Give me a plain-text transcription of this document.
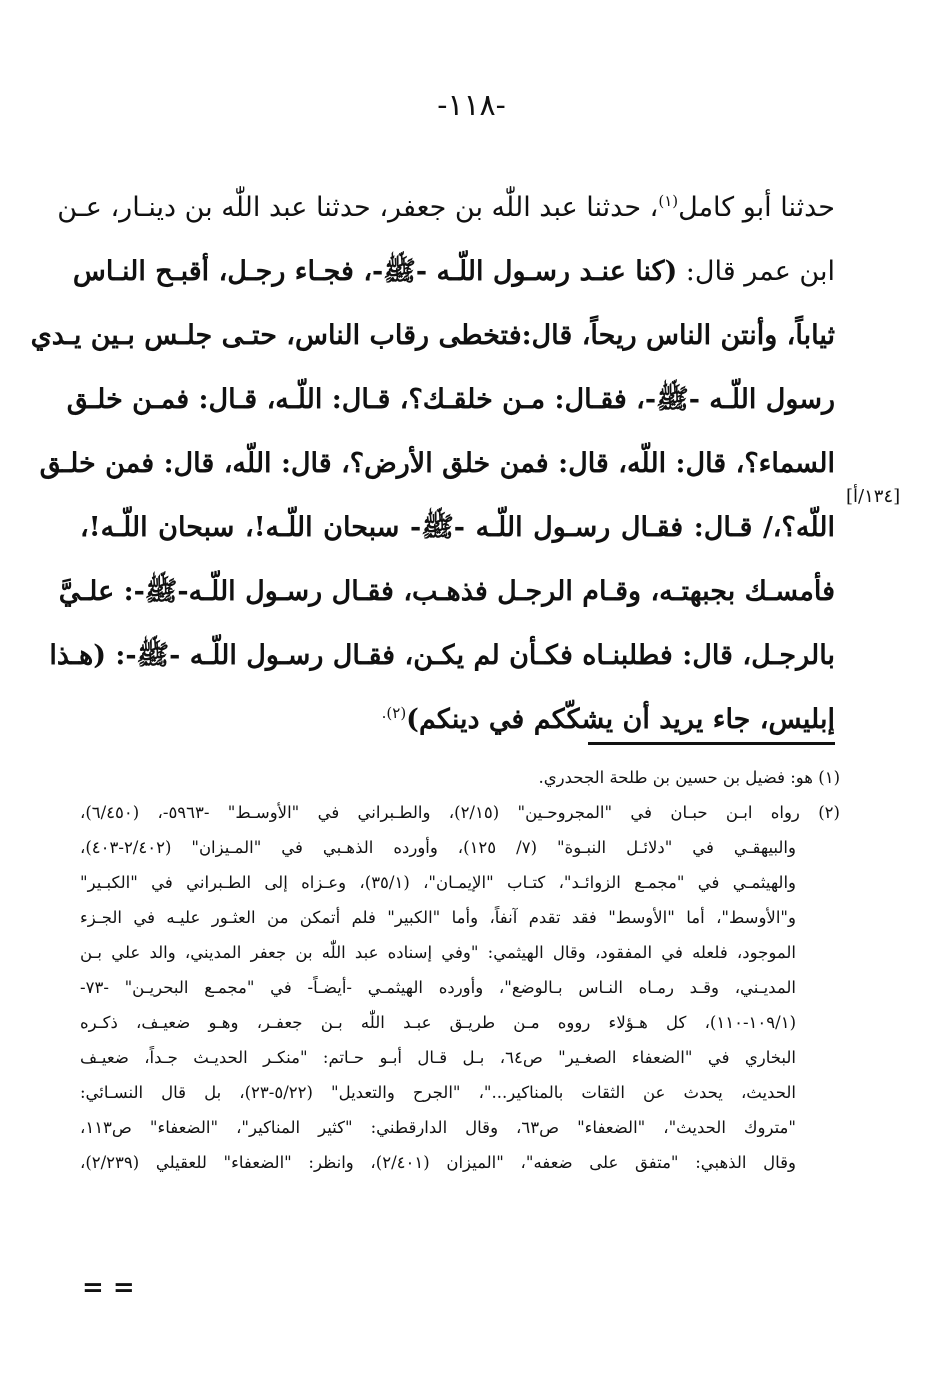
-١١٨-
[١٣٤/أ]
حدثنا أبو كامل$^{(١)}$، حدثنا عبد اللّٰه بن جعفر، حدثنا عبد اللّٰه بن دينـار، عـن
ابن عمر قال: (كنا عنـد رسـول اللّـه -ﷺ-، فجـاء رجـل، أقبـح النـاس
ثياباً، وأنتن الناس ريحاً، قال:فتخطى رقاب الناس، حتـى جلـس بـين يـدي
رسول اللّـه -ﷺ-، فقـال: مـن خلقـك؟، قـال: اللّـه، قـال: فمـن خلـق
السماء؟، قال: اللّه، قال: فمن خلق الأرض؟، قال: اللّه، قال: فمن خلـق
اللّه؟،/ قـال: فقـال رسـول اللّـه -ﷺ- سبحان اللّـه!، سبحان اللّـه!،
فأمسـك بجبهتـه، وقـام الرجـل فذهـب، فقـال رسـول اللّـه-ﷺ-: علـيَّ
بالرجـل، قال: فطلبنـاه فكـأن لم يكـن، فقـال رسـول اللّـه -ﷺ-: (هـذا
إبليس، جاء يريد أن يشكّكم في دينكم)$^{(٢).}$
(١) هو: فضيل بن حسين بن طلحة الجحدري.
(٢) رواه ابـن حبـان في "المجروحـين" (٢/١٥)، والطـبراني في "الأوسـط" -٥٩٦٣-، (٦/٤٥٠)،
والبيهقـي في "دلائـل النبـوة" (٧/ ١٢٥)، وأورده الذهـبي في "المـيزان" (٢/٤٠٢-٤٠٣)،
والهيثمـي في "مجمـع الزوائـد"، كتـاب "الإيمـان"، (٣٥/١)، وعـزاه إلى الطـبراني في "الكبـير"
و"الأوسط"، أما "الأوسط" فقد تقدم آنفاً، وأما "الكبير" فلم أتمكن من العثـور عليـه في الجـزء
الموجود، فلعله في المفقود، وقال الهيثمي: "وفي إسناده عبد اللّٰه بن جعفر المديني، والد علي بـن
المديـني، وقـد رمـاه النـاس بـالوضع"، وأورده الهيثمـي -أيضـاً- في "مجمـع البحريـن" -٧٣-
(١٠٩/١-١١٠)، كل هـؤلاء رووه مـن طريـق عبـد اللّٰه بـن جعفـر، وهـو ضعيـف، ذكـره
البخاري في "الضعفاء الصغـير" ص٦٤، بـل قـال أبـو حـاتم: "منكـر الحديـث جـداً، ضعيـف
الحديث، يحدث عن الثقات بالمناكير..."، "الجرح والتعديل" (٥/٢٢-٢٣)، بل قال النسـائي:
"متروك الحديث"، "الضعفاء" ص٦٣، وقال الدارقطني: "كثير المناكير"، "الضعفاء" ص١١٣،
وقال الذهبي: "متفق على ضعفه"، "الميزان (٢/٤٠١)، وانظر: "الضعفاء" للعقيلي (٢/٢٣٩)،
= =
